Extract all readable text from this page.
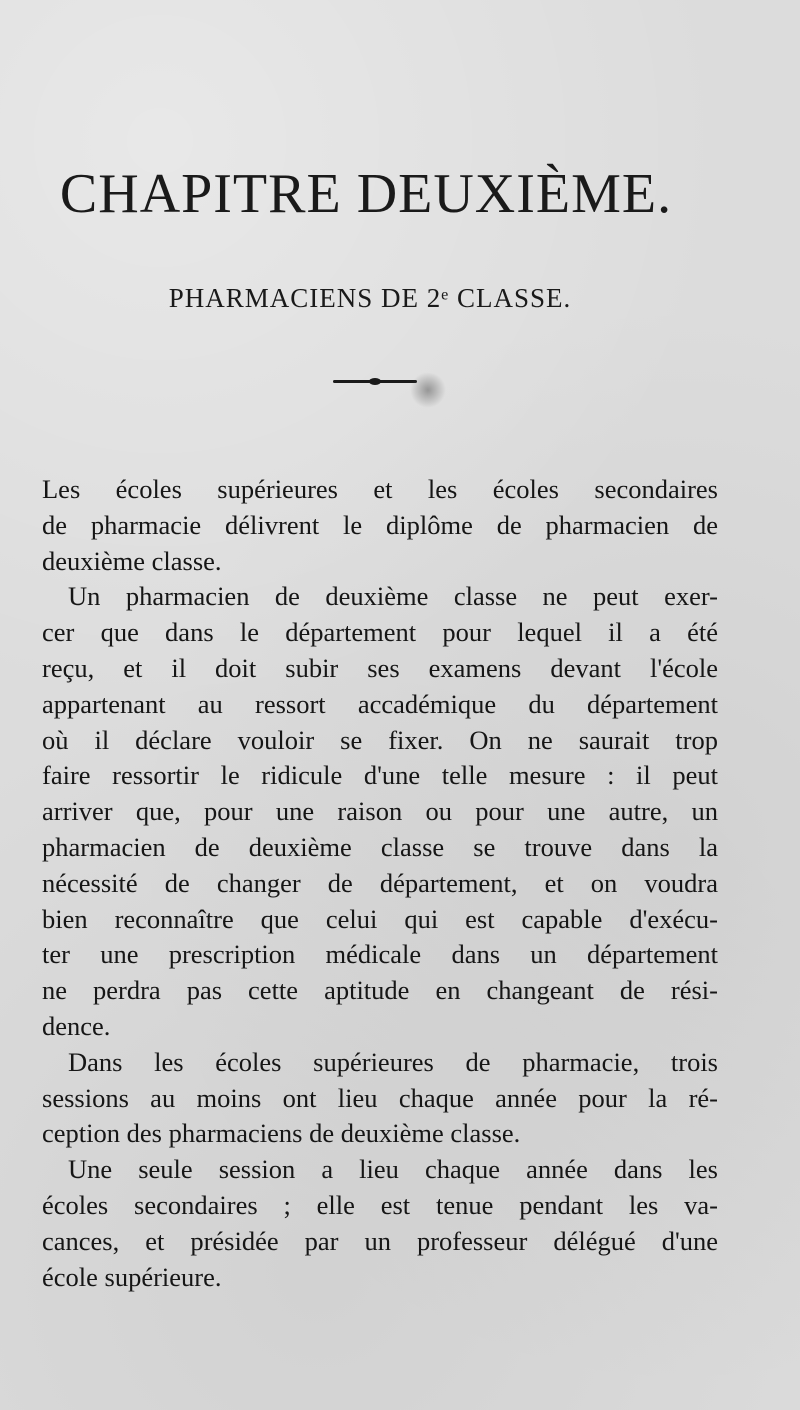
CHAPITRE DEUXIÈME.
PHARMACIENS DE 2ᵉ CLASSE.
Les écoles supérieures et les écoles secondaires
de pharmacie délivrent le diplôme de pharmacien de
deuxième classe.
Un pharmacien de deuxième classe ne peut exer-
cer que dans le département pour lequel il a été
reçu, et il doit subir ses examens devant l'école
appartenant au ressort accadémique du département
où il déclare vouloir se fixer. On ne saurait trop
faire ressortir le ridicule d'une telle mesure : il peut
arriver que, pour une raison ou pour une autre, un
pharmacien de deuxième classe se trouve dans la
nécessité de changer de département, et on voudra
bien reconnaître que celui qui est capable d'exécu-
ter une prescription médicale dans un département
ne perdra pas cette aptitude en changeant de rési-
dence.
Dans les écoles supérieures de pharmacie, trois
sessions au moins ont lieu chaque année pour la ré-
ception des pharmaciens de deuxième classe.
Une seule session a lieu chaque année dans les
écoles secondaires ; elle est tenue pendant les va-
cances, et présidée par un professeur délégué d'une
école supérieure.
